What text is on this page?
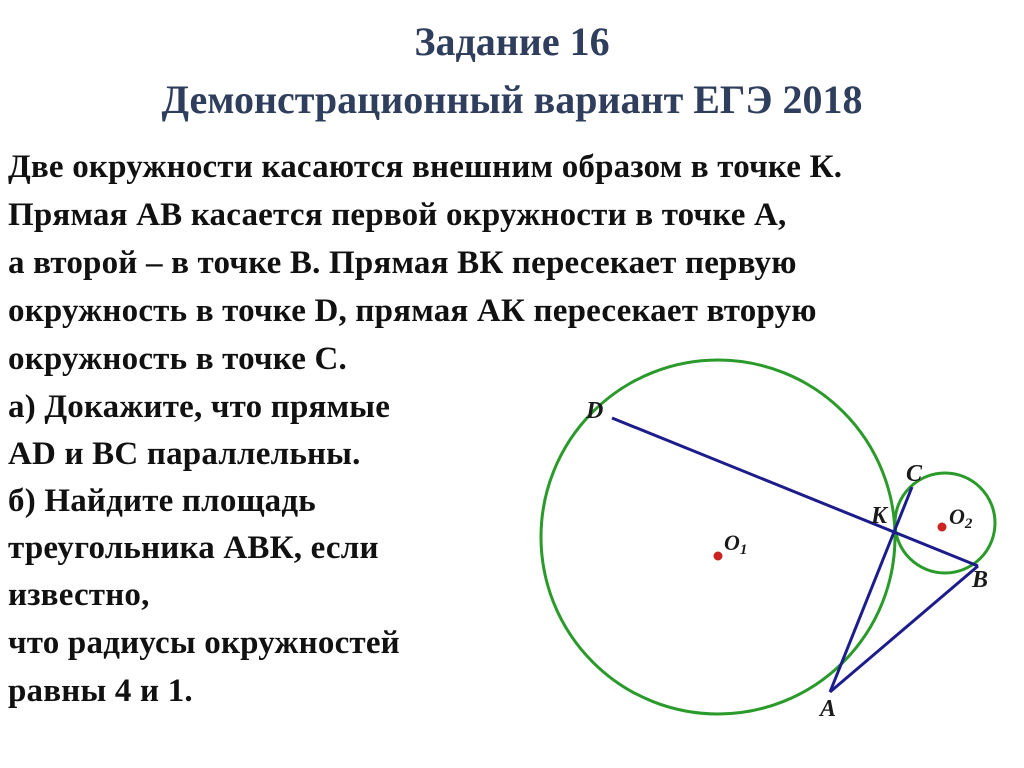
Задание 16
Демонстрационный вариант ЕГЭ 2018
Две окружности касаются внешним образом в точке К.
Прямая АВ касается первой окружности в точке А,
а второй – в точке В. Прямая ВК пересекает первую
окружность в точке D, прямая АК пересекает вторую
окружность в точке С.
а) Докажите, что прямые
AD и ВС параллельны.
б) Найдите площадь
треугольника АВК, если
известно,
что радиусы окружностей
равны 4 и 1.
D
C
K
O1
O2
B
A
